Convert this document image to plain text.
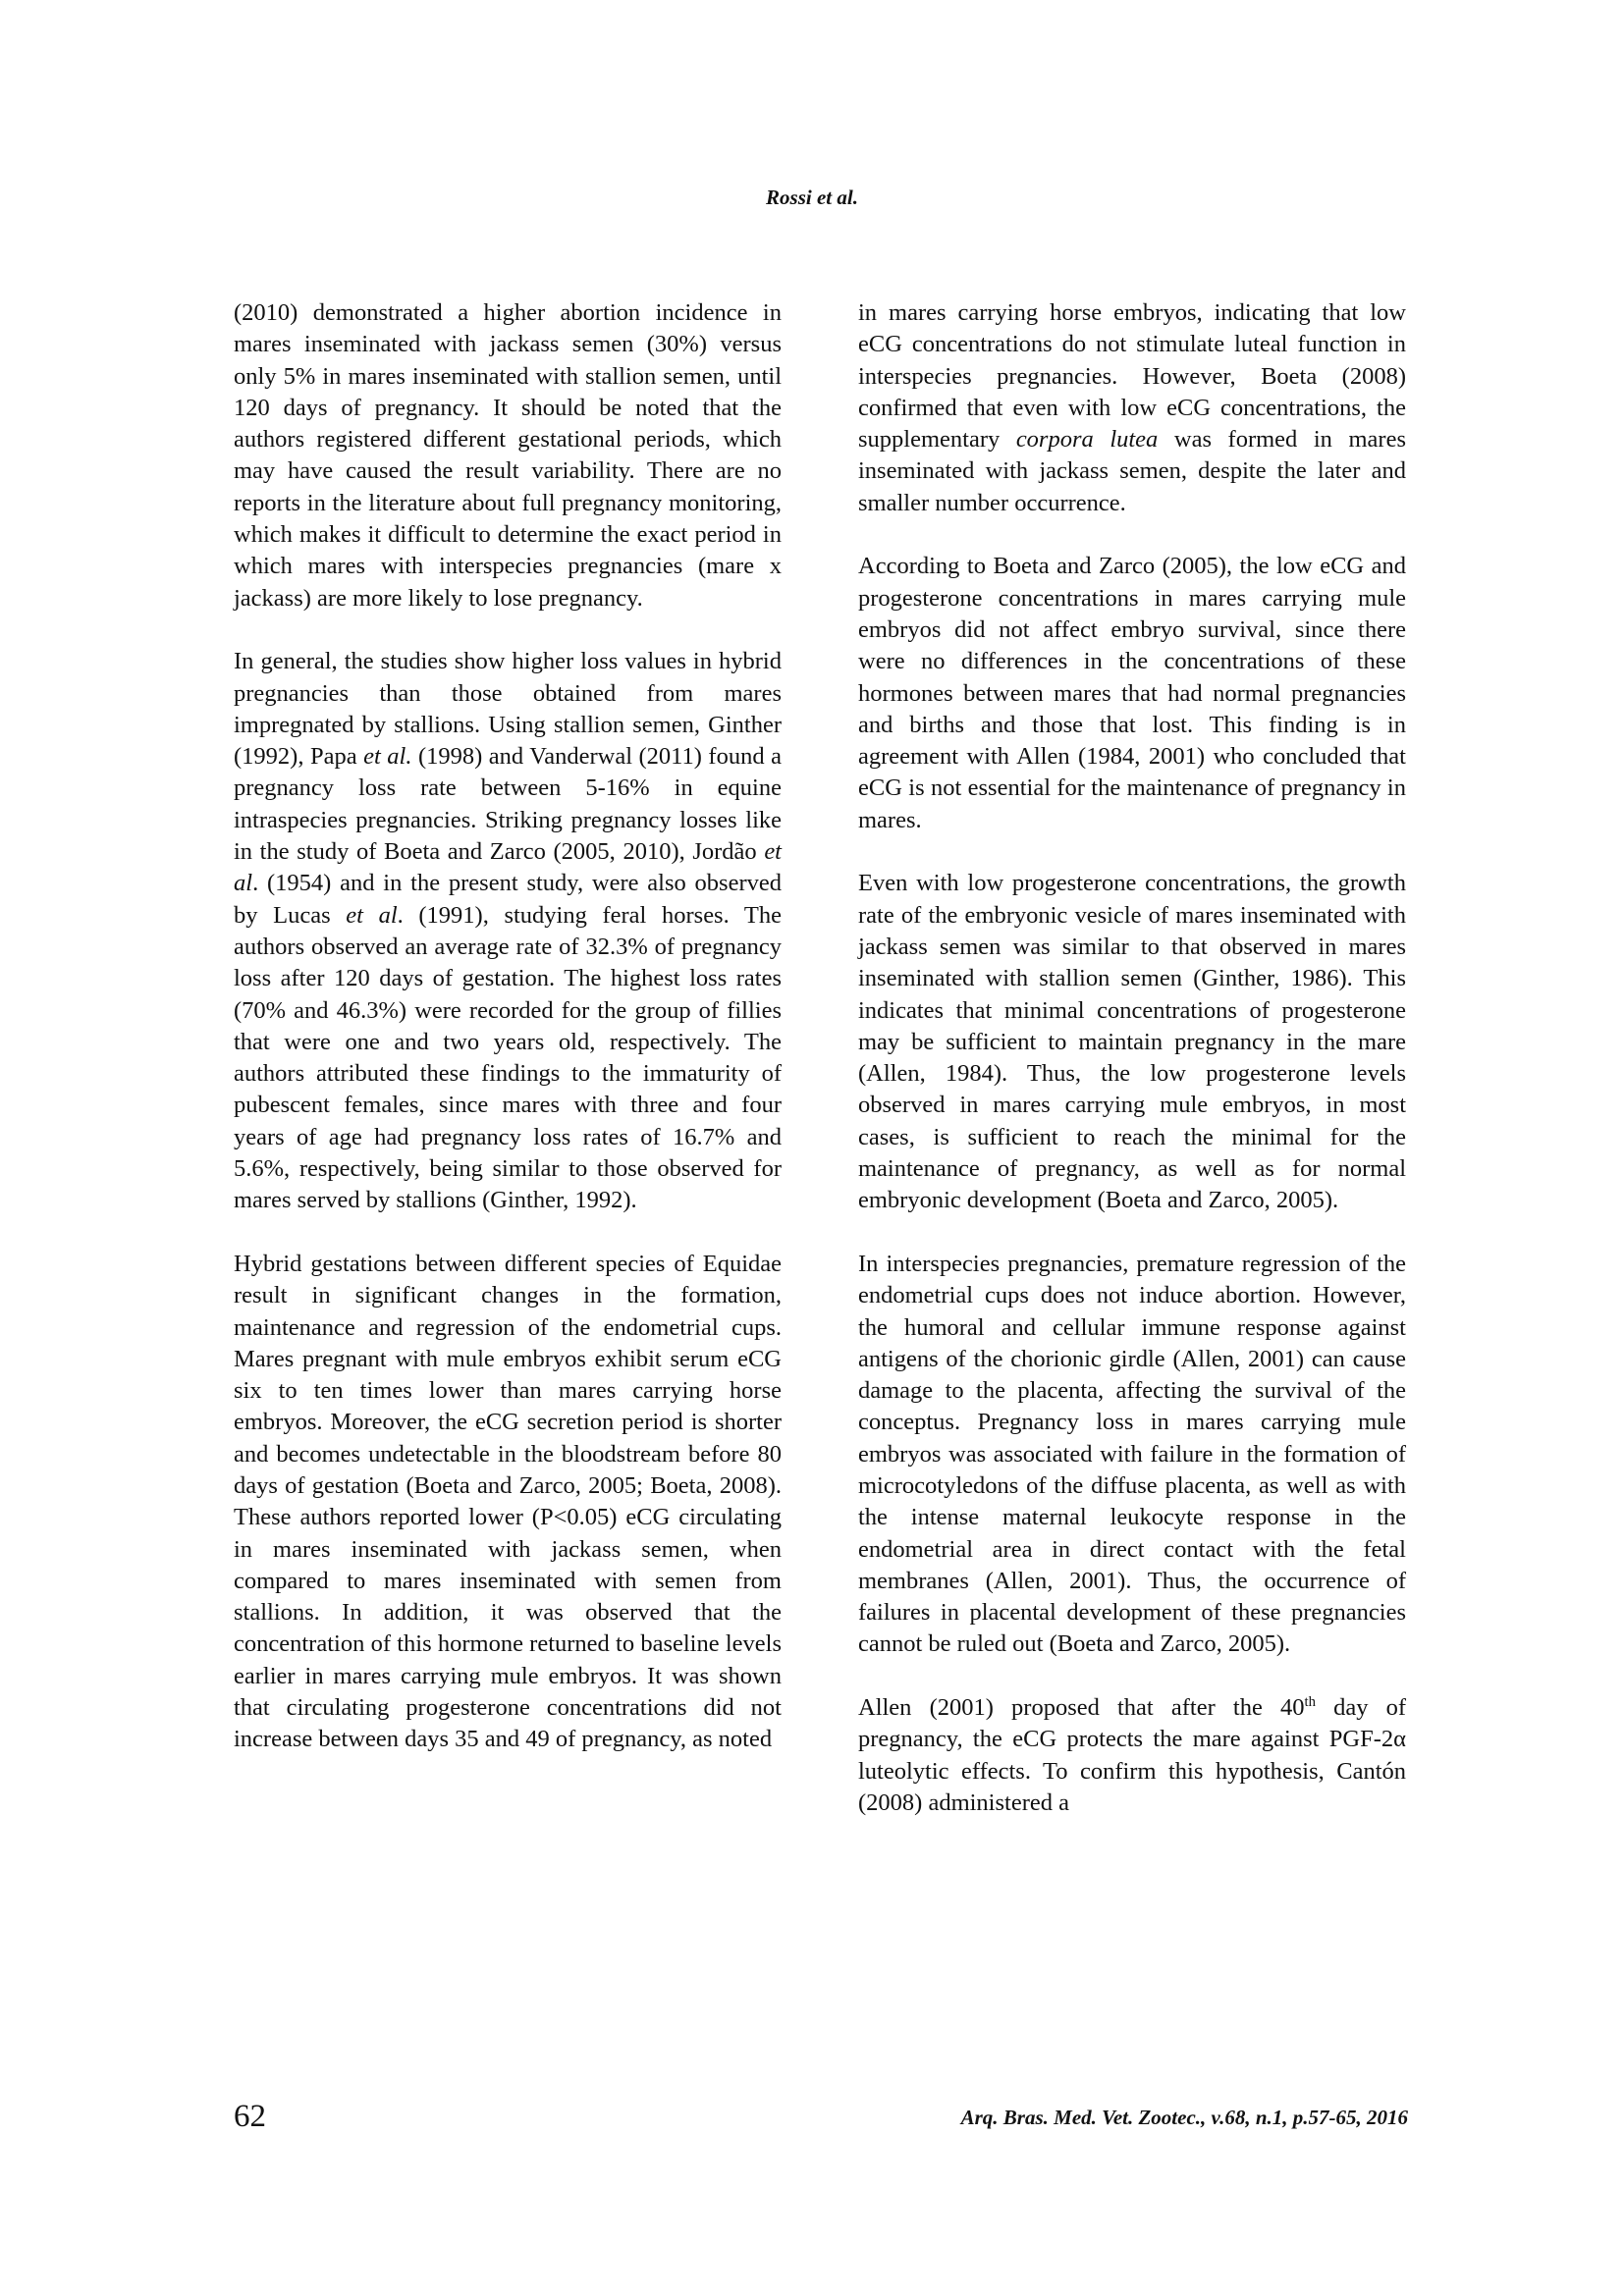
Rossi et al.

(2010) demonstrated a higher abortion incidence in mares inseminated with jackass semen (30%) versus only 5% in mares inseminated with stallion semen, until 120 days of pregnancy. It should be noted that the authors registered different gestational periods, which may have caused the result variability. There are no reports in the literature about full pregnancy monitoring, which makes it difficult to determine the exact period in which mares with interspecies pregnancies (mare x jackass) are more likely to lose pregnancy.

In general, the studies show higher loss values in hybrid pregnancies than those obtained from mares impregnated by stallions. Using stallion semen, Ginther (1992), Papa et al. (1998) and Vanderwal (2011) found a pregnancy loss rate between 5-16% in equine intraspecies pregnancies. Striking pregnancy losses like in the study of Boeta and Zarco (2005, 2010), Jordão et al. (1954) and in the present study, were also observed by Lucas et al. (1991), studying feral horses. The authors observed an average rate of 32.3% of pregnancy loss after 120 days of gestation. The highest loss rates (70% and 46.3%) were recorded for the group of fillies that were one and two years old, respectively. The authors attributed these findings to the immaturity of pubescent females, since mares with three and four years of age had pregnancy loss rates of 16.7% and 5.6%, respectively, being similar to those observed for mares served by stallions (Ginther, 1992).

Hybrid gestations between different species of Equidae result in significant changes in the formation, maintenance and regression of the endometrial cups. Mares pregnant with mule embryos exhibit serum eCG six to ten times lower than mares carrying horse embryos. Moreover, the eCG secretion period is shorter and becomes undetectable in the bloodstream before 80 days of gestation (Boeta and Zarco, 2005; Boeta, 2008). These authors reported lower (P<0.05) eCG circulating in mares inseminated with jackass semen, when compared to mares inseminated with semen from stallions. In addition, it was observed that the concentration of this hormone returned to baseline levels earlier in mares carrying mule embryos. It was shown that circulating progesterone concentrations did not increase between days 35 and 49 of pregnancy, as noted

in mares carrying horse embryos, indicating that low eCG concentrations do not stimulate luteal function in interspecies pregnancies. However, Boeta (2008) confirmed that even with low eCG concentrations, the supplementary corpora lutea was formed in mares inseminated with jackass semen, despite the later and smaller number occurrence.

According to Boeta and Zarco (2005), the low eCG and progesterone concentrations in mares carrying mule embryos did not affect embryo survival, since there were no differences in the concentrations of these hormones between mares that had normal pregnancies and births and those that lost. This finding is in agreement with Allen (1984, 2001) who concluded that eCG is not essential for the maintenance of pregnancy in mares.

Even with low progesterone concentrations, the growth rate of the embryonic vesicle of mares inseminated with jackass semen was similar to that observed in mares inseminated with stallion semen (Ginther, 1986). This indicates that minimal concentrations of progesterone may be sufficient to maintain pregnancy in the mare (Allen, 1984). Thus, the low progesterone levels observed in mares carrying mule embryos, in most cases, is sufficient to reach the minimal for the maintenance of pregnancy, as well as for normal embryonic development (Boeta and Zarco, 2005).

In interspecies pregnancies, premature regression of the endometrial cups does not induce abortion. However, the humoral and cellular immune response against antigens of the chorionic girdle (Allen, 2001) can cause damage to the placenta, affecting the survival of the conceptus. Pregnancy loss in mares carrying mule embryos was associated with failure in the formation of microcotyledons of the diffuse placenta, as well as with the intense maternal leukocyte response in the endometrial area in direct contact with the fetal membranes (Allen, 2001). Thus, the occurrence of failures in placental development of these pregnancies cannot be ruled out (Boeta and Zarco, 2005).

Allen (2001) proposed that after the 40th day of pregnancy, the eCG protects the mare against PGF-2α luteolytic effects. To confirm this hypothesis, Cantón (2008) administered a

62	Arq. Bras. Med. Vet. Zootec., v.68, n.1, p.57-65, 2016
